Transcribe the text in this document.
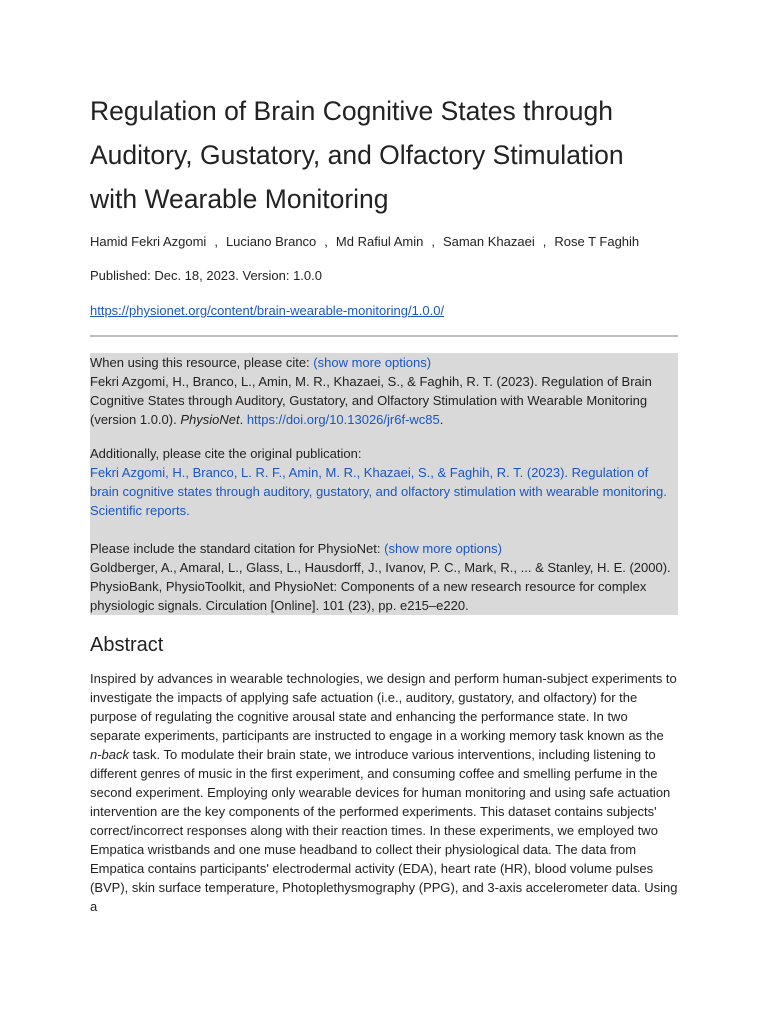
Regulation of Brain Cognitive States through Auditory, Gustatory, and Olfactory Stimulation with Wearable Monitoring
Hamid Fekri Azgomi , Luciano Branco , Md Rafiul Amin , Saman Khazaei , Rose T Faghih
Published: Dec. 18, 2023. Version: 1.0.0
https://physionet.org/content/brain-wearable-monitoring/1.0.0/

When using this resource, please cite: (show more options)

Fekri Azgomi, H., Branco, L., Amin, M. R., Khazaei, S., & Faghih, R. T. (2023). Regulation of Brain Cognitive States through Auditory, Gustatory, and Olfactory Stimulation with Wearable Monitoring (version 1.0.0). PhysioNet. https://doi.org/10.13026/jr6f-wc85.

Additionally, please cite the original publication:

Fekri Azgomi, H., Branco, L. R. F., Amin, M. R., Khazaei, S., & Faghih, R. T. (2023). Regulation of brain cognitive states through auditory, gustatory, and olfactory stimulation with wearable monitoring. Scientific reports.

Please include the standard citation for PhysioNet: (show more options)

Goldberger, A., Amaral, L., Glass, L., Hausdorff, J., Ivanov, P. C., Mark, R., ... & Stanley, H. E. (2000). PhysioBank, PhysioToolkit, and PhysioNet: Components of a new research resource for complex physiologic signals. Circulation [Online]. 101 (23), pp. e215–e220.

Abstract

Inspired by advances in wearable technologies, we design and perform human-subject experiments to investigate the impacts of applying safe actuation (i.e., auditory, gustatory, and olfactory) for the purpose of regulating the cognitive arousal state and enhancing the performance state. In two separate experiments, participants are instructed to engage in a working memory task known as the n-back task. To modulate their brain state, we introduce various interventions, including listening to different genres of music in the first experiment, and consuming coffee and smelling perfume in the second experiment. Employing only wearable devices for human monitoring and using safe actuation intervention are the key components of the performed experiments. This dataset contains subjects' correct/incorrect responses along with their reaction times. In these experiments, we employed two Empatica wristbands and one muse headband to collect their physiological data. The data from Empatica contains participants' electrodermal activity (EDA), heart rate (HR), blood volume pulses (BVP), skin surface temperature, Photoplethysmography (PPG), and 3-axis accelerometer data. Using a
